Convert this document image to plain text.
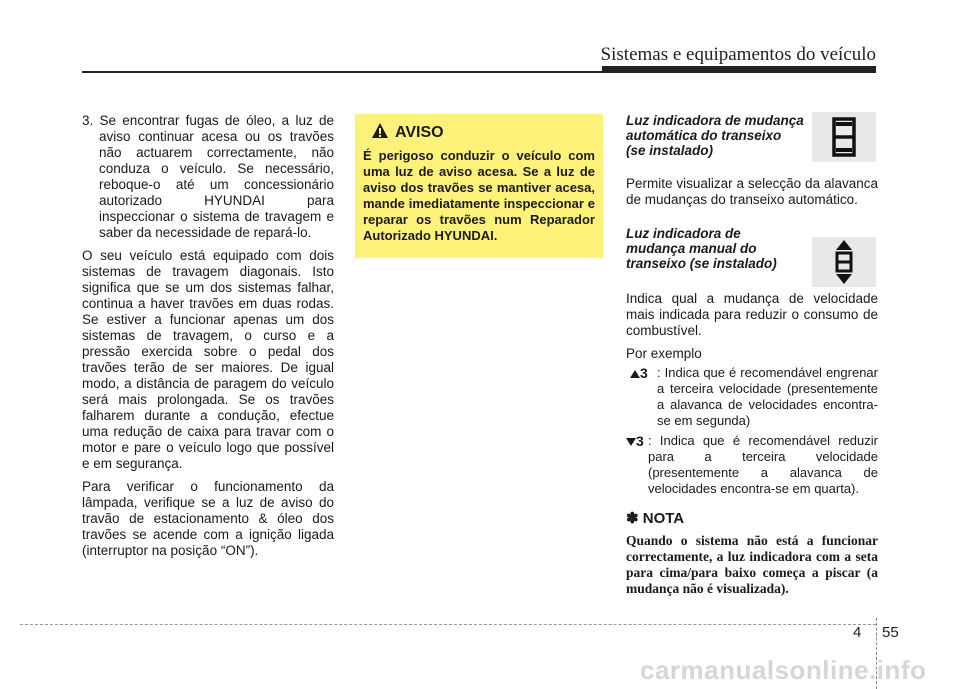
Sistemas e equipamentos do veículo

3. Se encontrar fugas de óleo, a luz de aviso continuar acesa ou os travões não actuarem correctamente, não conduza o veículo. Se necessário, reboque-o até um concessionário autorizado HYUNDAI para inspeccionar o sistema de travagem e saber da necessidade de repará-lo.

O seu veículo está equipado com dois sistemas de travagem diagonais. Isto significa que se um dos sistemas falhar, continua a haver travões em duas rodas. Se estiver a funcionar apenas um dos sistemas de travagem, o curso e a pressão exercida sobre o pedal dos travões terão de ser maiores. De igual modo, a distância de paragem do veículo será mais prolongada. Se os travões falharem durante a condução, efectue uma redução de caixa para travar com o motor e pare o veículo logo que possível e em segurança.

Para verificar o funcionamento da lâmpada, verifique se a luz de aviso do travão de estacionamento & óleo dos travões se acende com a ignição ligada (interruptor na posição “ON”).

AVISO
É perigoso conduzir o veículo com uma luz de aviso acesa. Se a luz de aviso dos travões se mantiver acesa, mande imediatamente inspeccionar e reparar os travões num Reparador Autorizado HYUNDAI.
Luz indicadora de mudança
automática do transeixo
(se instalado)

Permite visualizar a selecção da alavanca de mudanças do transeixo automático.

Luz indicadora de
mudança manual do
transeixo (se instalado)

Indica qual a mudança de velocidade mais indicada para reduzir o consumo de combustível.

Por exemplo

3 : Indica que é recomendável engrenar a terceira velocidade (presentemente a alavanca de velocidades encontra-se em segunda)
3 : Indica que é recomendável reduzir para a terceira velocidade (presentemente a alavanca de velocidades encontra-se em quarta).
✽ NOTA
Quando o sistema não está a funcionar correctamente, a luz indicadora com a seta para cima/para baixo começa a piscar (a mudança não é visualizada).
4 55
carmanualsonline.info
